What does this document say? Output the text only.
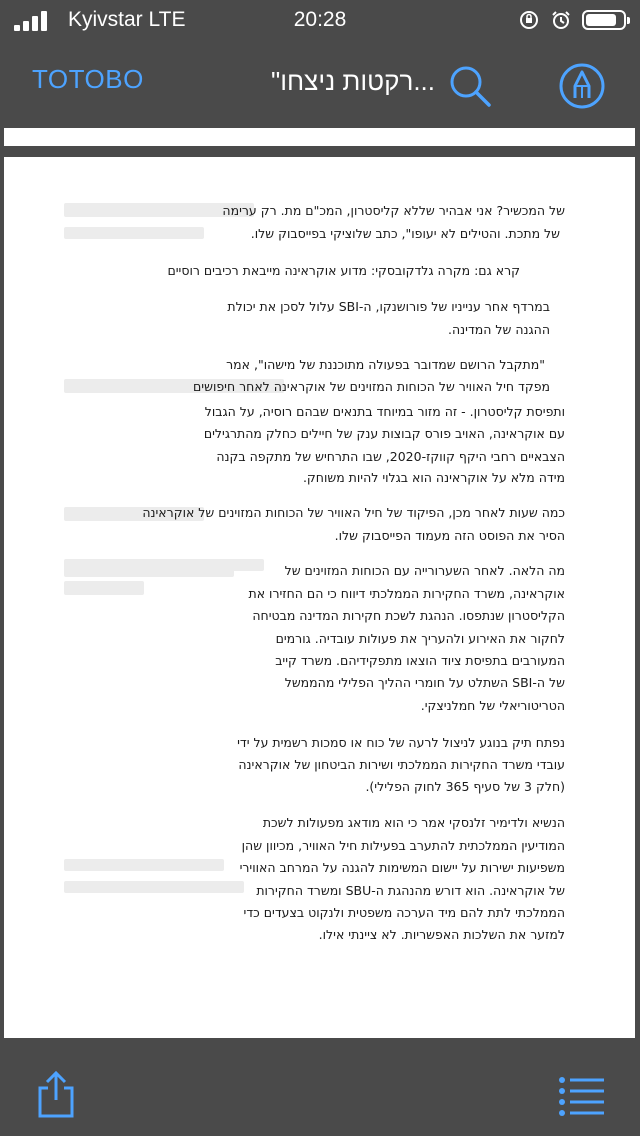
Kyivstar LTE	20:28
TOTOBO	"רקטות ניצחו...
של המכשיר? אני אבהיר שללא קליסטרון, המכ"ם מת. רק ערימה
של מתכת. והטילים לא יעופו", כתב שלוציקי בפייסבוק שלו.
קרא גם: מקרה גלדקובסקי: מדוע אוקראינה מייבאת רכיבים רוסיים
במרדף אחר ענייניו של פורושנקו, ה-SBI עלול לסכן את יכולת
ההגנה של המדינה.
"מתקבל הרושם שמדובר בפעולה מתוכננת של מישהו", אמר
מפקד חיל האוויר של הכוחות המזוינים של אוקראינה לאחר חיפושים
ותפיסת קליסטרון. - זה מזור במיוחד בתנאים שבהם רוסיה, על הגבול
עם אוקראינה, האויב פורס קבוצות ענק של חיילים כחלק מהתרגילים
הצבאיים רחבי היקף קווקז-2020, שבו התרחיש של מתקפה בקנה
מידה מלא על אוקראינה הוא בגלוי להיות משוחק.
כמה שעות לאחר מכן, הפיקוד של חיל האוויר של הכוחות המזוינים של אוקראינה
הסיר את הפוסט הזה מעמוד הפייסבוק שלו.
מה הלאה. לאחר השערורייה עם הכוחות המזוינים של
אוקראינה, משרד החקירות הממלכתי דיווח כי הם החזירו את
הקליסטרון שנתפסו. הנהגת לשכת חקירות המדינה מבטיחה
לחקור את האירוע ולהעריך את פעולות עובדיה. גורמים
המעורבים בתפיסת ציוד הוצאו מתפקידיהם. משרד קייב
של ה-SBI השתלט על חומרי ההליך הפלילי מהממשל
הטריטוריאלי של חמלניצקי.
נפתח תיק בנוגע לניצול לרעה של כוח או סמכות רשמית על ידי
עובדי משרד החקירות הממלכתי ושירות הביטחון של אוקראינה
(חלק 3 של סעיף 365 לחוק הפלילי).
הנשיא ולדימיר זלנסקי אמר כי הוא מודאג מפעולות לשכת
המודיעין הממלכתית להתערב בפעילות חיל האוויר, מכיוון שהן
משפיעות ישירות על יישום המשימות להגנה על המרחב האווירי
של אוקראינה. הוא דורש מהנהגת ה-SBU ומשרד החקירות
הממלכתי לתת להם מיד הערכה משפטית ולנקוט בצעדים כדי
למזער את השלכות האפשריות. לא ציינתי אילו.
